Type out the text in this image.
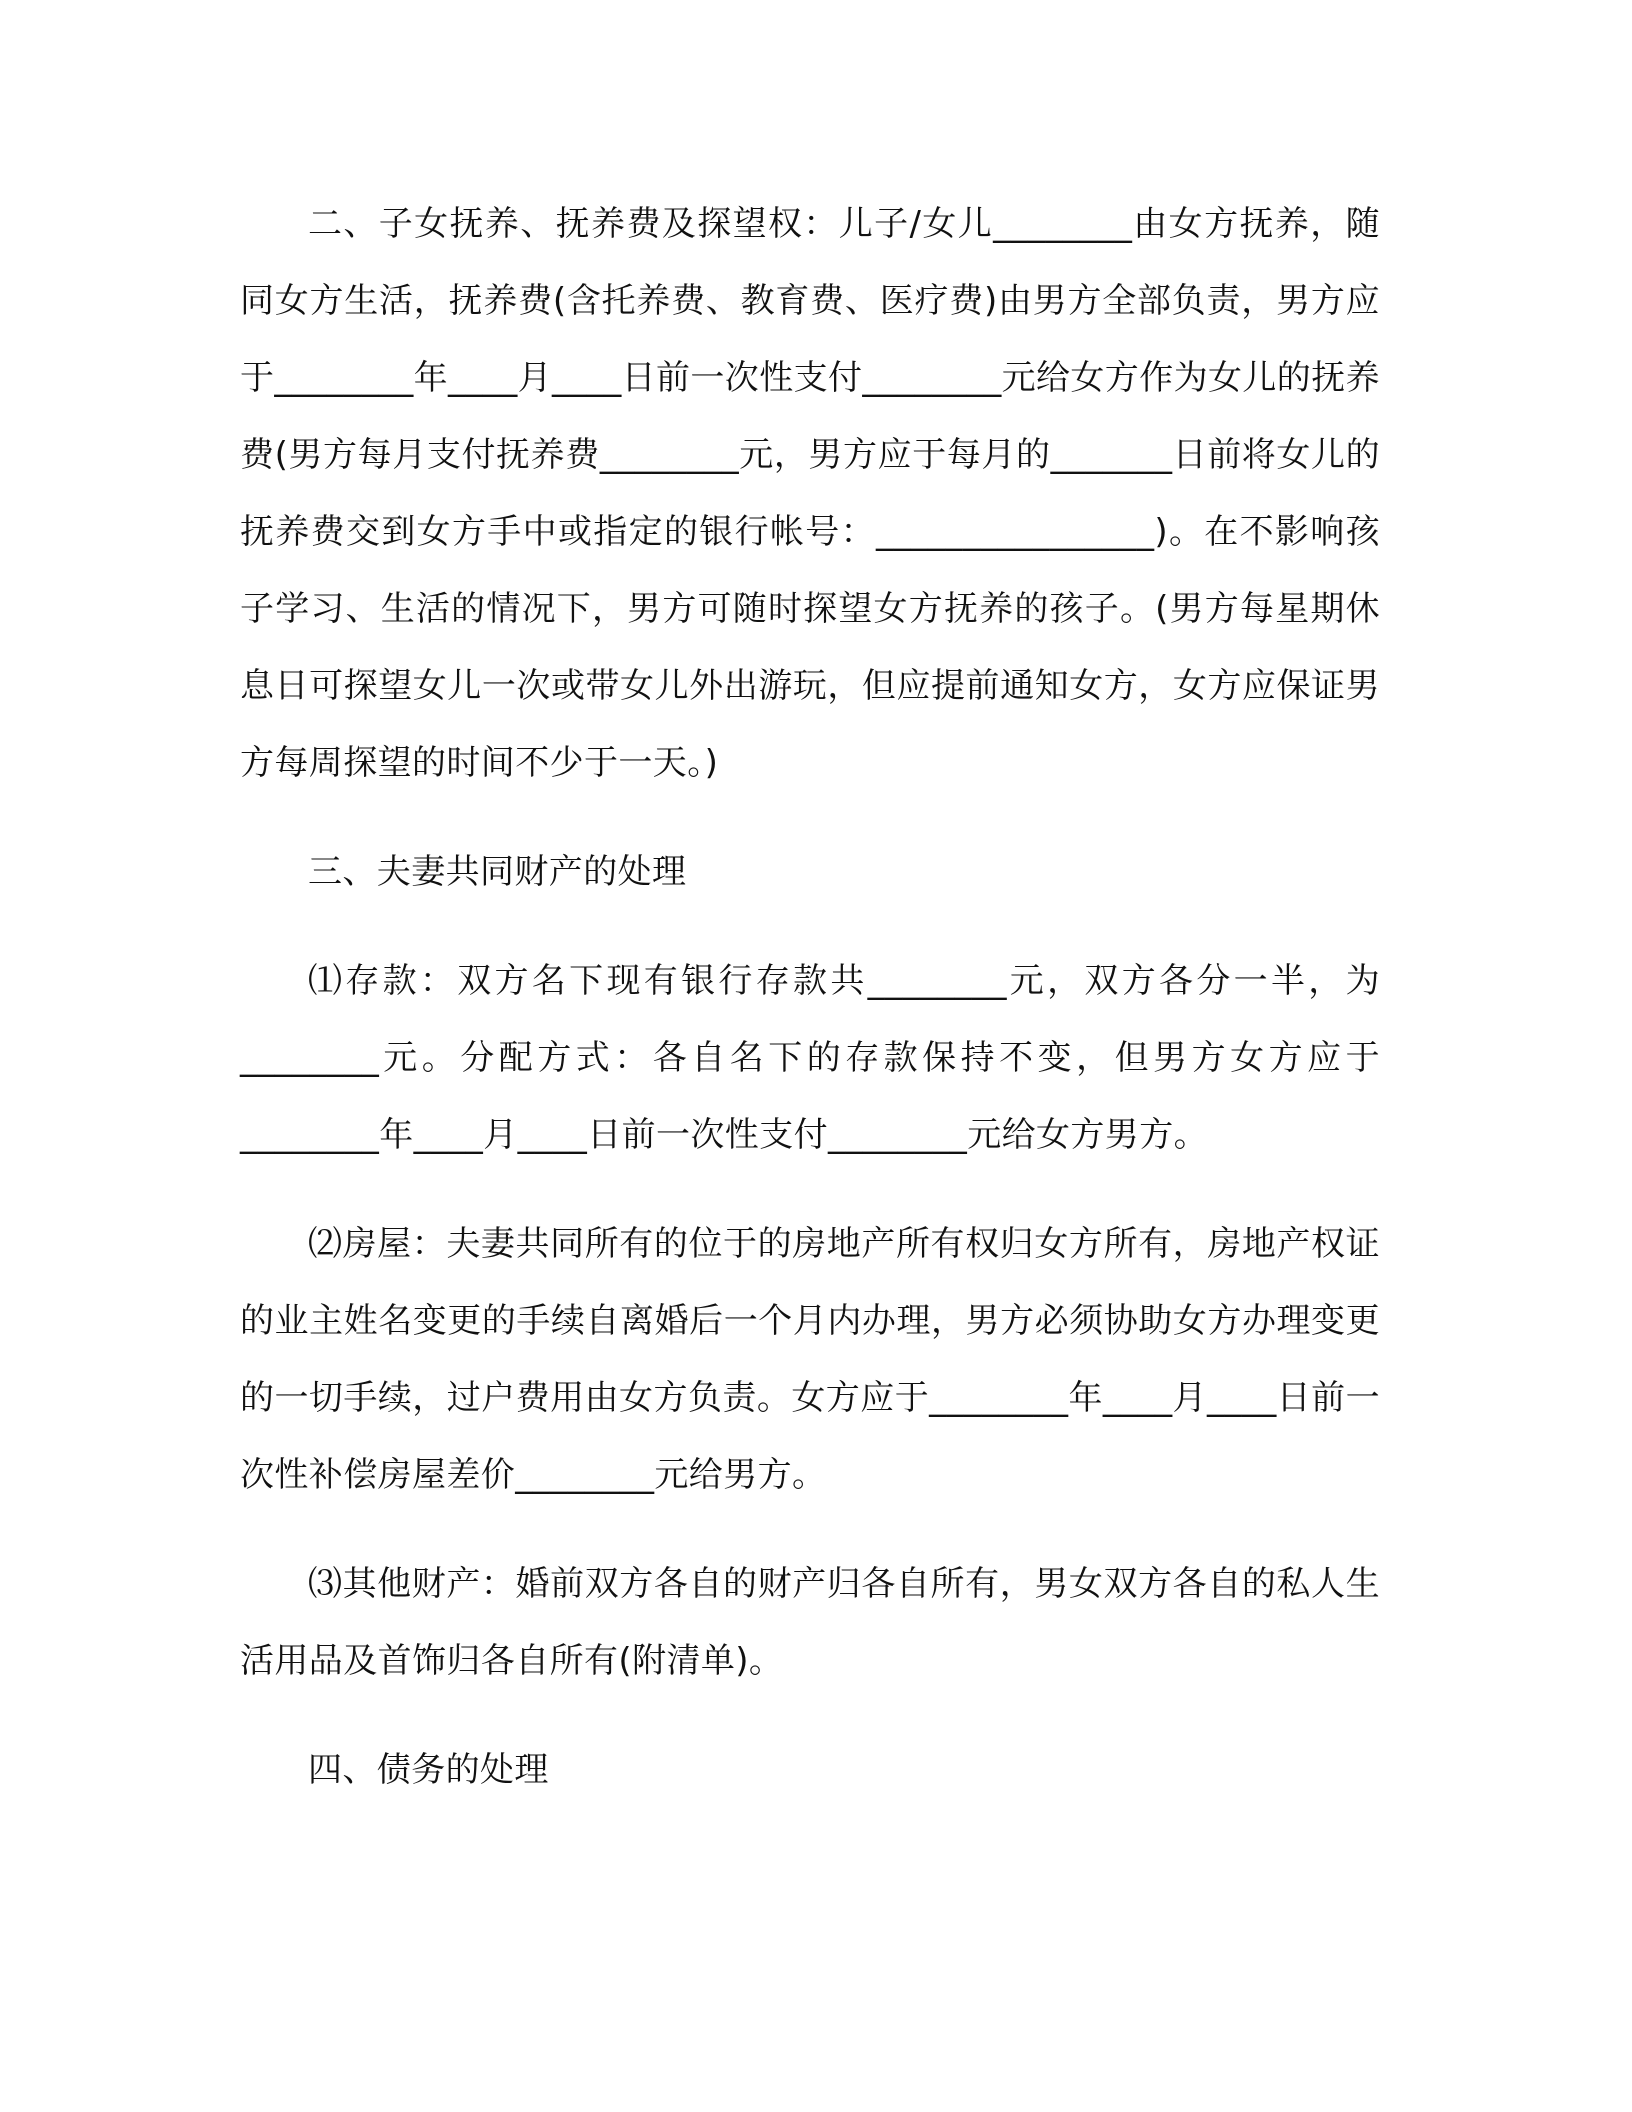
二、子女抚养、抚养费及探望权：儿子/女儿________由女方抚养，随同女方生活，抚养费(含托养费、教育费、医疗费)由男方全部负责，男方应于________年____月____日前一次性支付________元给女方作为女儿的抚养费(男方每月支付抚养费________元，男方应于每月的_______日前将女儿的抚养费交到女方手中或指定的银行帐号：________________)。在不影响孩子学习、生活的情况下，男方可随时探望女方抚养的孩子。(男方每星期休息日可探望女儿一次或带女儿外出游玩，但应提前通知女方，女方应保证男方每周探望的时间不少于一天。)

三、夫妻共同财产的处理

⑴存款：双方名下现有银行存款共________元，双方各分一半，为________元。分配方式：各自名下的存款保持不变，但男方女方应于________年____月____日前一次性支付________元给女方男方。

⑵房屋：夫妻共同所有的位于的房地产所有权归女方所有，房地产权证的业主姓名变更的手续自离婚后一个月内办理，男方必须协助女方办理变更的一切手续，过户费用由女方负责。女方应于________年____月____日前一次性补偿房屋差价________元给男方。

⑶其他财产：婚前双方各自的财产归各自所有，男女双方各自的私人生活用品及首饰归各自所有(附清单)。

四、债务的处理
